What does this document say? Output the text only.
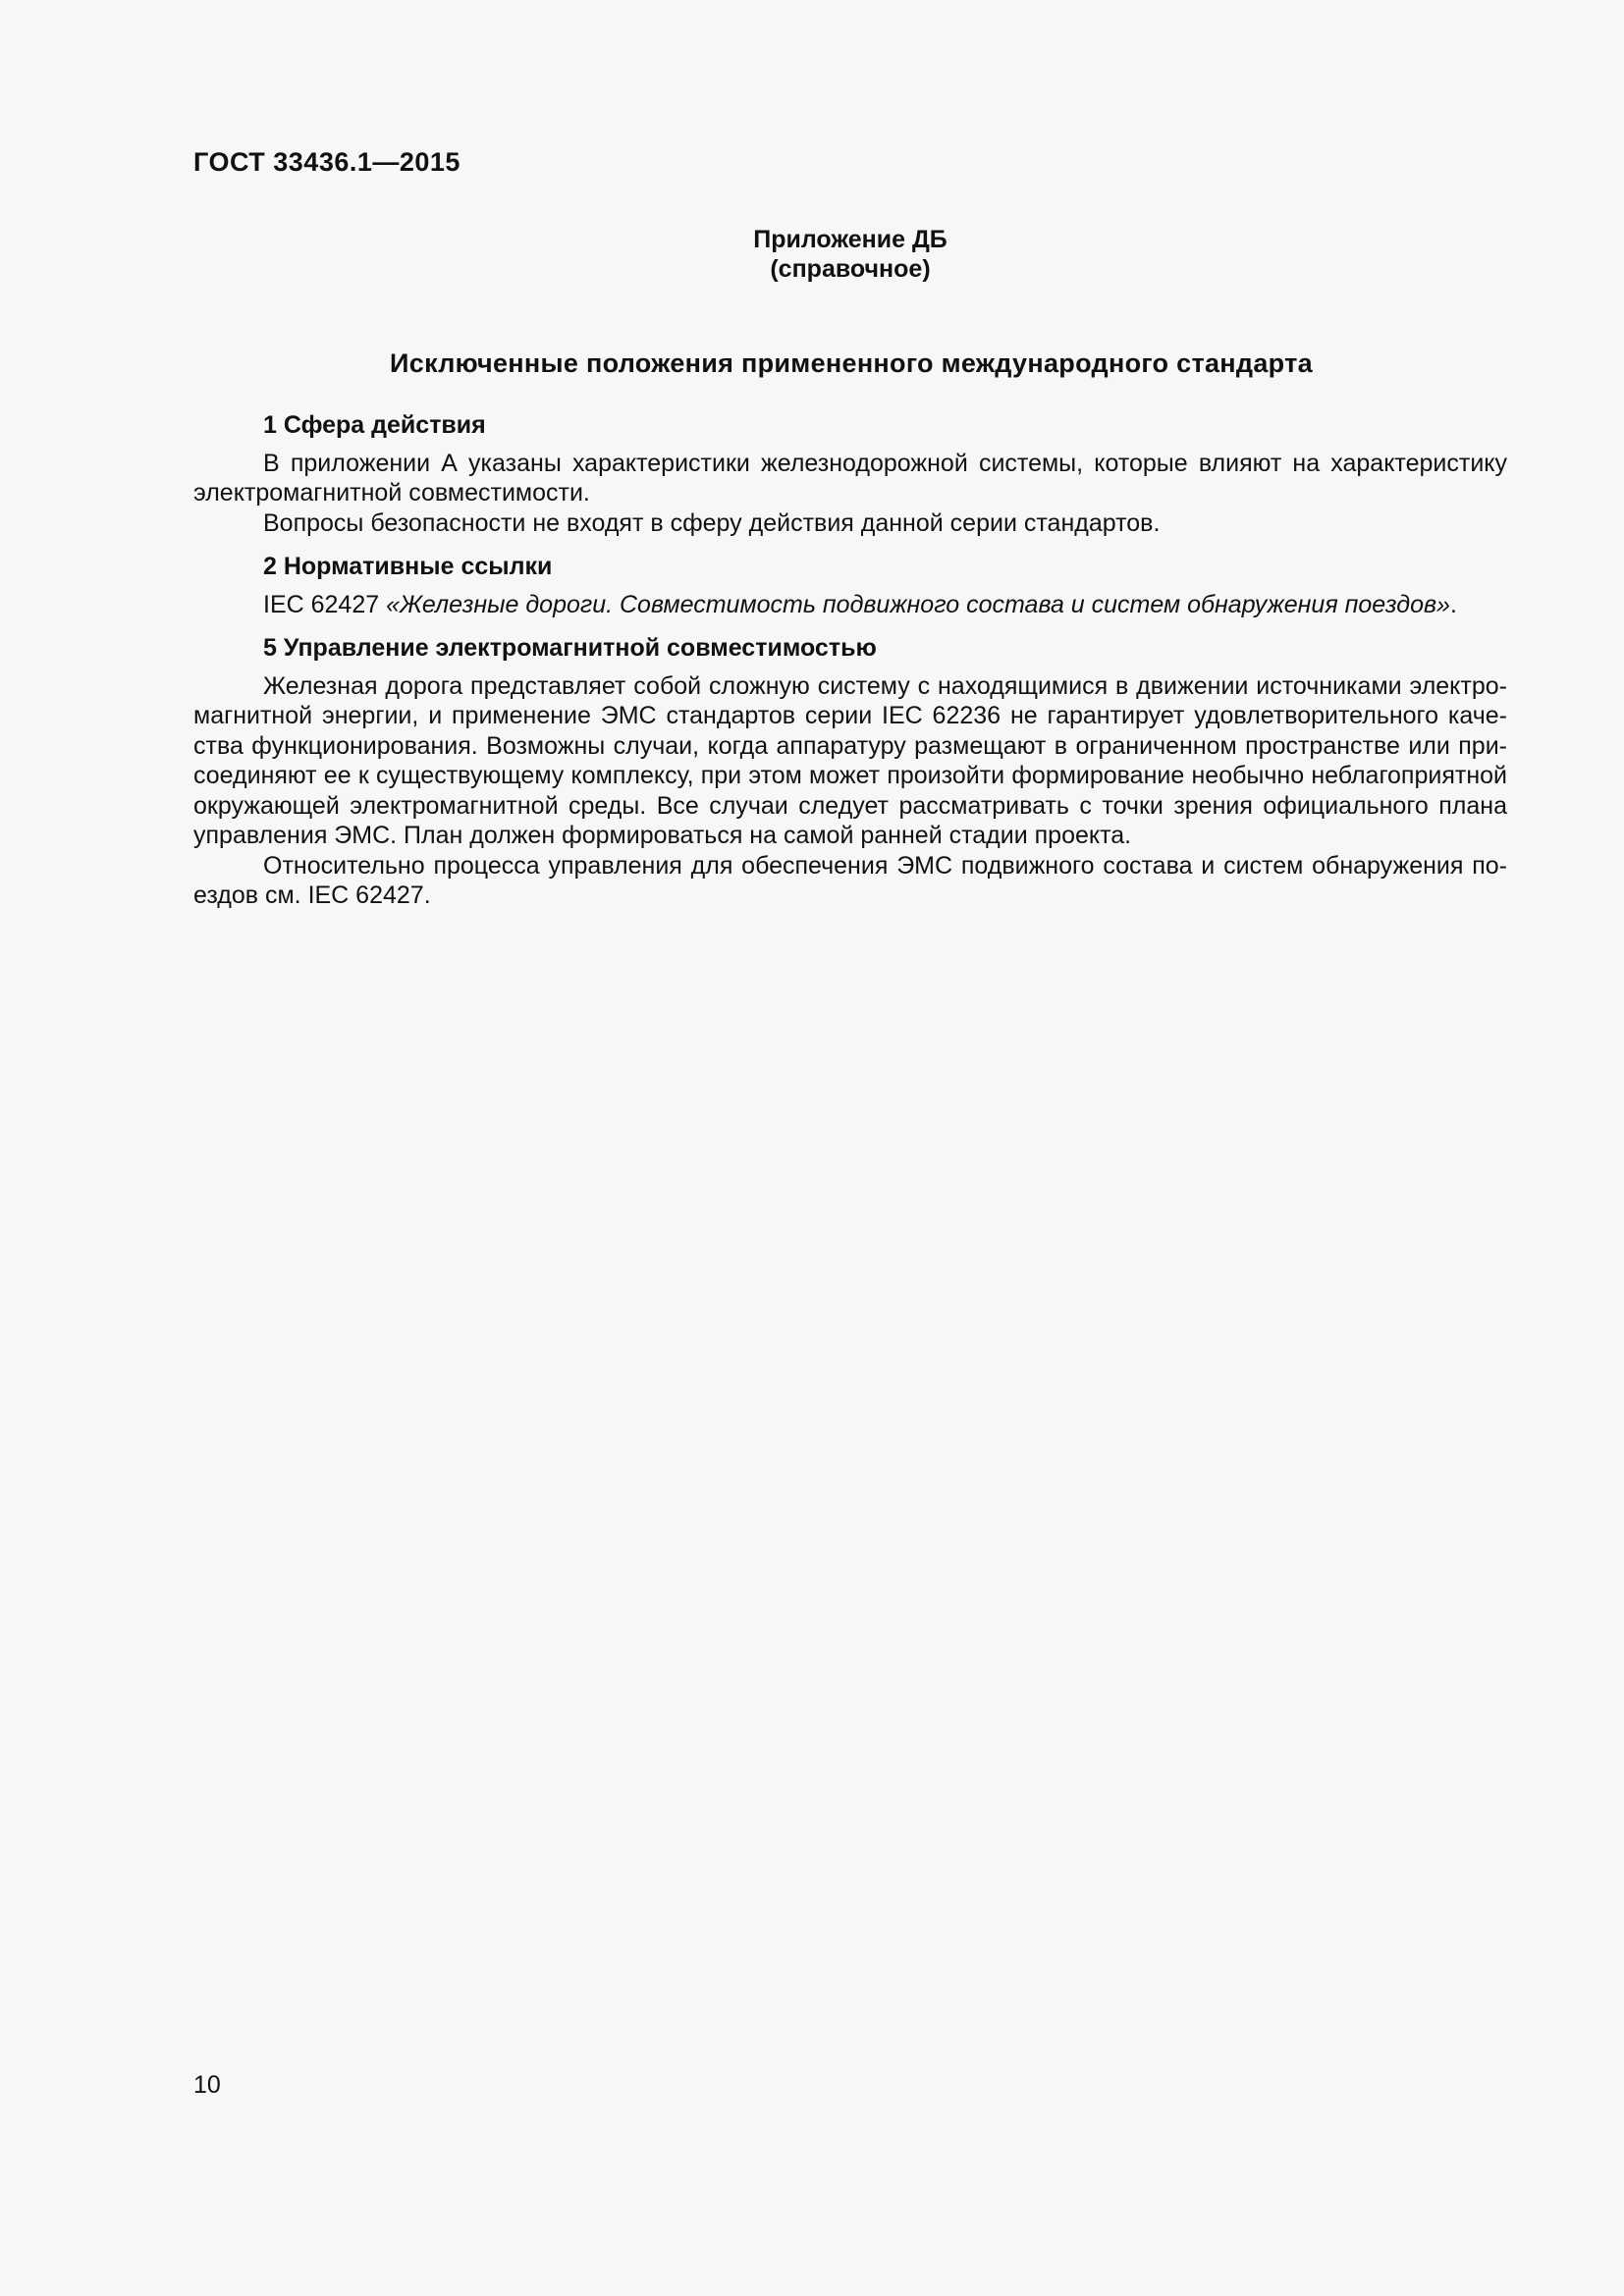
ГОСТ 33436.1—2015
Приложение ДБ
(справочное)
Исключенные положения примененного международного стандарта

1 Сфера действия

В приложении А указаны характеристики железнодорожной системы, которые влияют на характеристику электромагнитной совместимости.

Вопросы безопасности не входят в сферу действия данной серии стандартов.

2 Нормативные ссылки

IEC 62427 «Железные дороги. Совместимость подвижного состава и систем обнаружения поездов».

5 Управление электромагнитной совместимостью

Железная дорога представляет собой сложную систему с находящимися в движении источниками электромагнитной энергии, и применение ЭМС стандартов серии IEC 62236 не гарантирует удовлетворительного качества функционирования. Возможны случаи, когда аппаратуру размещают в ограниченном пространстве или присоединяют ее к существующему комплексу, при этом может произойти формирование необычно неблагоприятной окружающей электромагнитной среды. Все случаи следует рассматривать с точки зрения официального плана управления ЭМС. План должен формироваться на самой ранней стадии проекта.

Относительно процесса управления для обеспечения ЭМС подвижного состава и систем обнаружения поездов см. IEC 62427.

10
